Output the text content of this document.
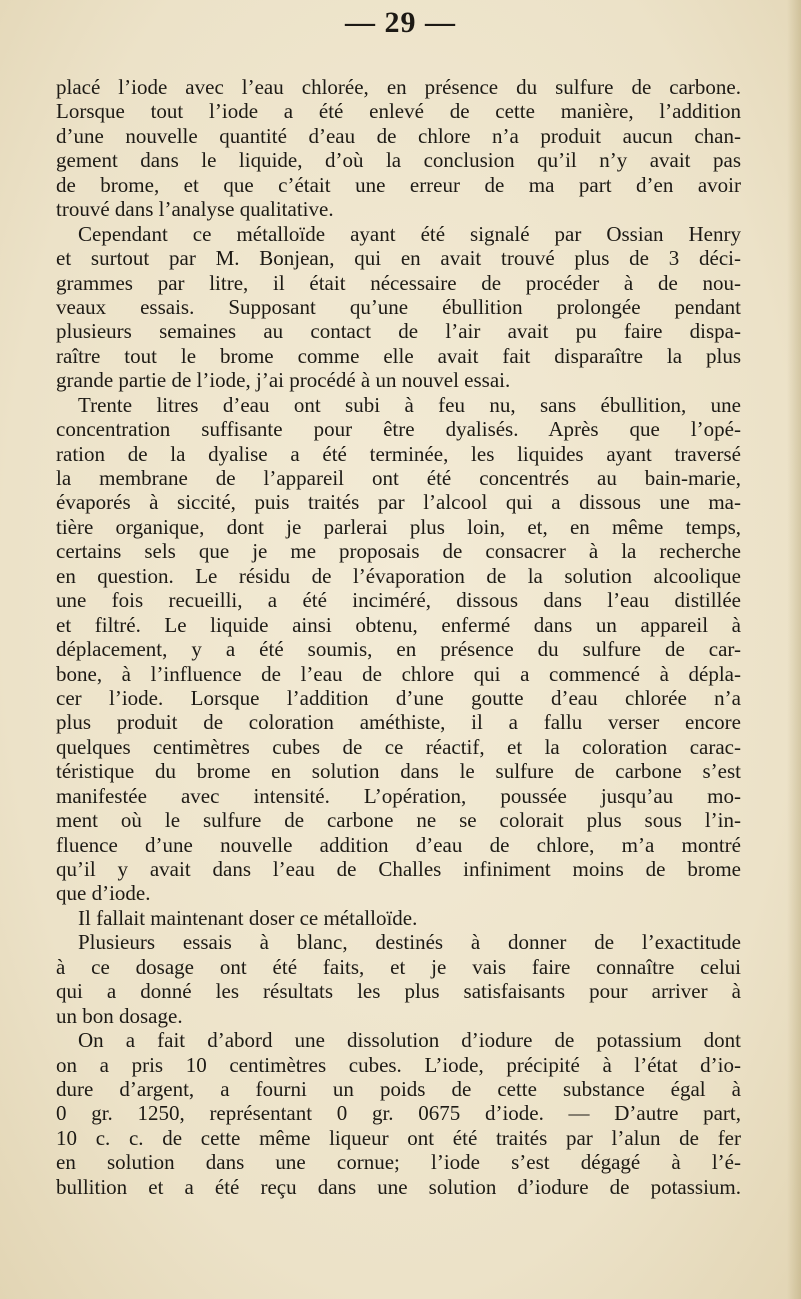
— 29 —
placé l’iode avec l’eau chlorée, en présence du sulfure de carbone.
Lorsque tout l’iode a été enlevé de cette manière, l’addition
d’une nouvelle quantité d’eau de chlore n’a produit aucun chan-
gement dans le liquide, d’où la conclusion qu’il n’y avait pas
de brome, et que c’était une erreur de ma part d’en avoir
trouvé dans l’analyse qualitative.
Cependant ce métalloïde ayant été signalé par Ossian Henry
et surtout par M. Bonjean, qui en avait trouvé plus de 3 déci-
grammes par litre, il était nécessaire de procéder à de nou-
veaux essais. Supposant qu’une ébullition prolongée pendant
plusieurs semaines au contact de l’air avait pu faire dispa-
raître tout le brome comme elle avait fait disparaître la plus
grande partie de l’iode, j’ai procédé à un nouvel essai.
Trente litres d’eau ont subi à feu nu, sans ébullition, une
concentration suffisante pour être dyalisés. Après que l’opé-
ration de la dyalise a été terminée, les liquides ayant traversé
la membrane de l’appareil ont été concentrés au bain-marie,
évaporés à siccité, puis traités par l’alcool qui a dissous une ma-
tière organique, dont je parlerai plus loin, et, en même temps,
certains sels que je me proposais de consacrer à la recherche
en question. Le résidu de l’évaporation de la solution alcoolique
une fois recueilli, a été inciméré, dissous dans l’eau distillée
et filtré. Le liquide ainsi obtenu, enfermé dans un appareil à
déplacement, y a été soumis, en présence du sulfure de car-
bone, à l’influence de l’eau de chlore qui a commencé à dépla-
cer l’iode. Lorsque l’addition d’une goutte d’eau chlorée n’a
plus produit de coloration améthiste, il a fallu verser encore
quelques centimètres cubes de ce réactif, et la coloration carac-
téristique du brome en solution dans le sulfure de carbone s’est
manifestée avec intensité. L’opération, poussée jusqu’au mo-
ment où le sulfure de carbone ne se colorait plus sous l’in-
fluence d’une nouvelle addition d’eau de chlore, m’a montré
qu’il y avait dans l’eau de Challes infiniment moins de brome
que d’iode.
Il fallait maintenant doser ce métalloïde.
Plusieurs essais à blanc, destinés à donner de l’exactitude
à ce dosage ont été faits, et je vais faire connaître celui
qui a donné les résultats les plus satisfaisants pour arriver à
un bon dosage.
On a fait d’abord une dissolution d’iodure de potassium dont
on a pris 10 centimètres cubes. L’iode, précipité à l’état d’io-
dure d’argent, a fourni un poids de cette substance égal à
0 gr. 1250, représentant 0 gr. 0675 d’iode. — D’autre part,
10 c. c. de cette même liqueur ont été traités par l’alun de fer
en solution dans une cornue; l’iode s’est dégagé à l’é-
bullition et a été reçu dans une solution d’iodure de potassium.
